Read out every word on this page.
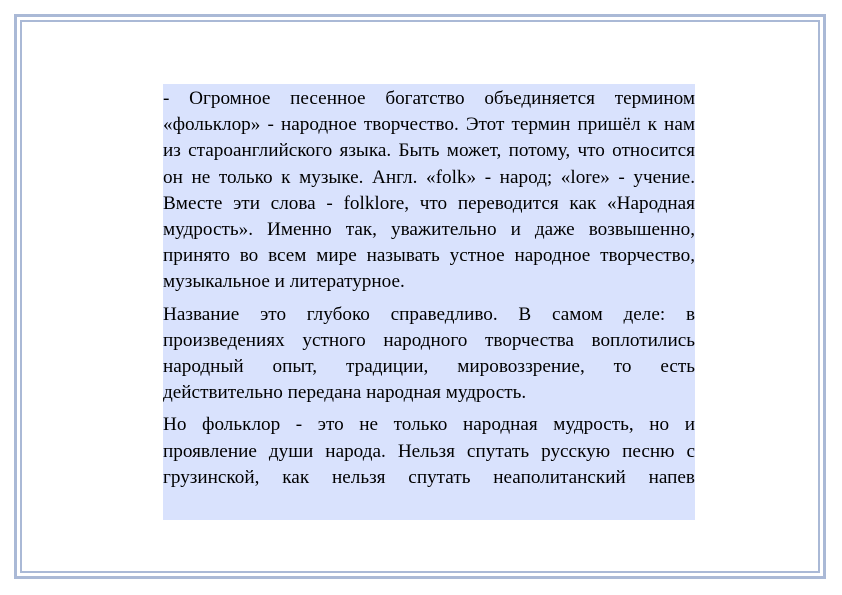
- Огромное песенное богатство объединяется термином «фольклор» - народное творчество. Этот термин пришёл к нам из староанглийского языка. Быть может, потому, что относится он не только к музыке. Англ. «folk» - народ; «lore» - учение. Вместе эти слова - folklore, что переводится как «Народная мудрость». Именно так, уважительно и даже возвышенно, принято во всем мире называть устное народное творчество, музыкальное и литературное.

Название это глубоко справедливо. В самом деле: в произведениях устного народного творчества воплотились народный опыт, традиции, мировоззрение, то есть действительно передана народная мудрость.

Но фольклор - это не только народная мудрость, но и проявление души народа. Нельзя спутать русскую песню с грузинской, как нельзя спутать неаполитанский напев
